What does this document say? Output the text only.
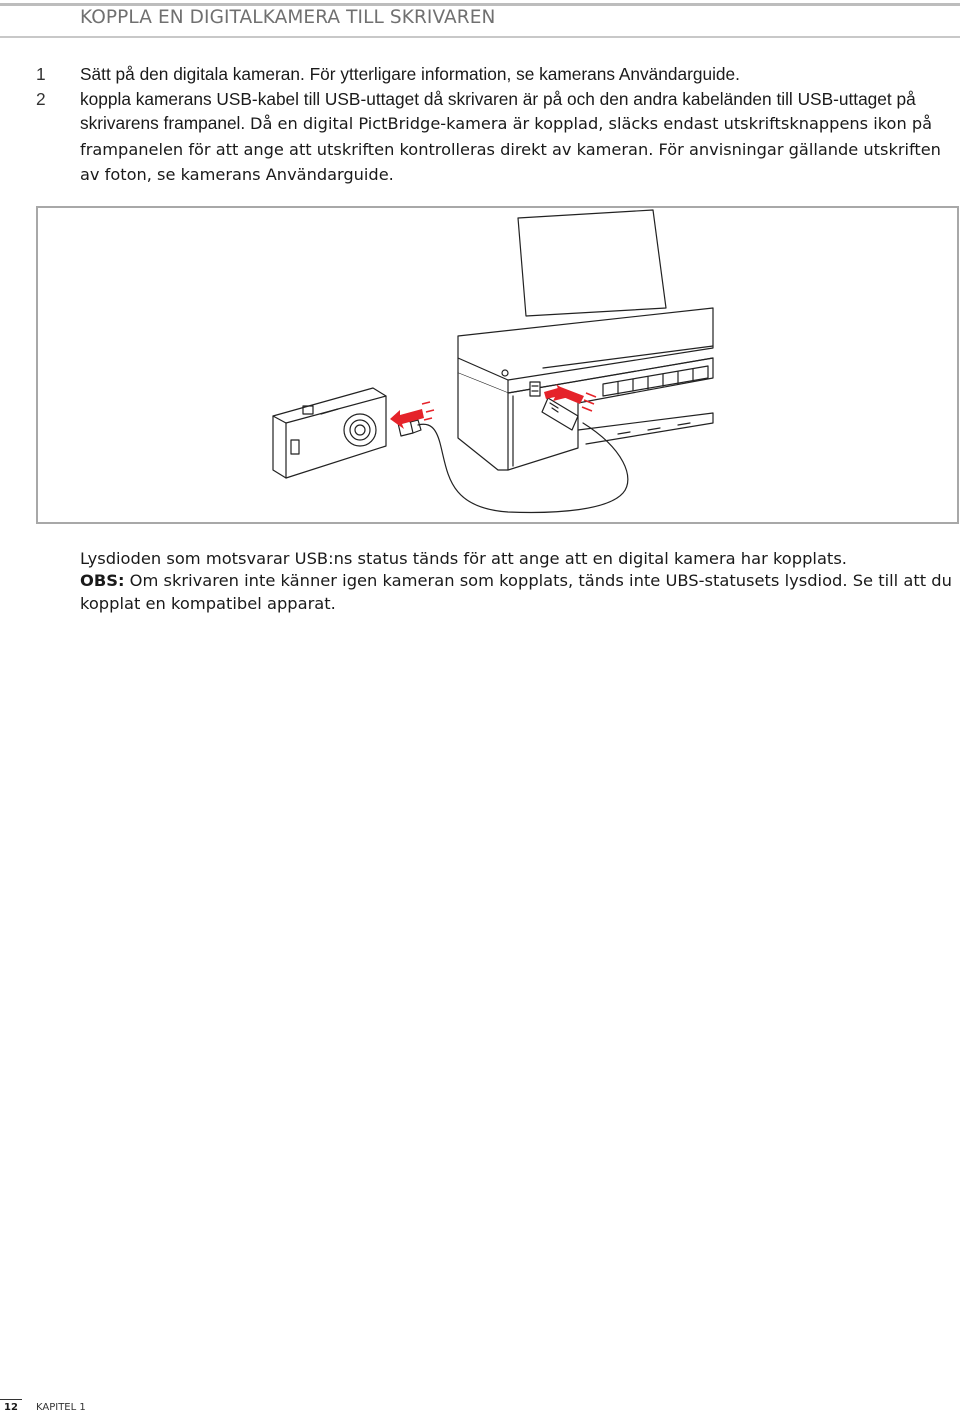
KOPPLA EN DIGITALKAMERA TILL SKRIVAREN
1	Sätt på den digitala kameran. För ytterligare information, se kamerans Användarguide.
2	koppla kamerans USB-kabel till USB-uttaget då skrivaren är på och den andra kabeländen till USB-uttaget på skrivarens frampanel. Då en digital PictBridge-kamera är kopplad, släcks endast utskriftsknappens ikon på frampanelen för att ange att utskriften kontrolleras direkt av kameran. För anvisningar gällande utskriften av foton, se kamerans Användarguide.
Lysdioden som motsvarar USB:ns status tänds för att ange att en digital kamera har kopplats.
OBS: Om skrivaren inte känner igen kameran som kopplats, tänds inte UBS-statusets lysdiod. Se till att du kopplat en kompatibel apparat.
12 KAPITEL 1
